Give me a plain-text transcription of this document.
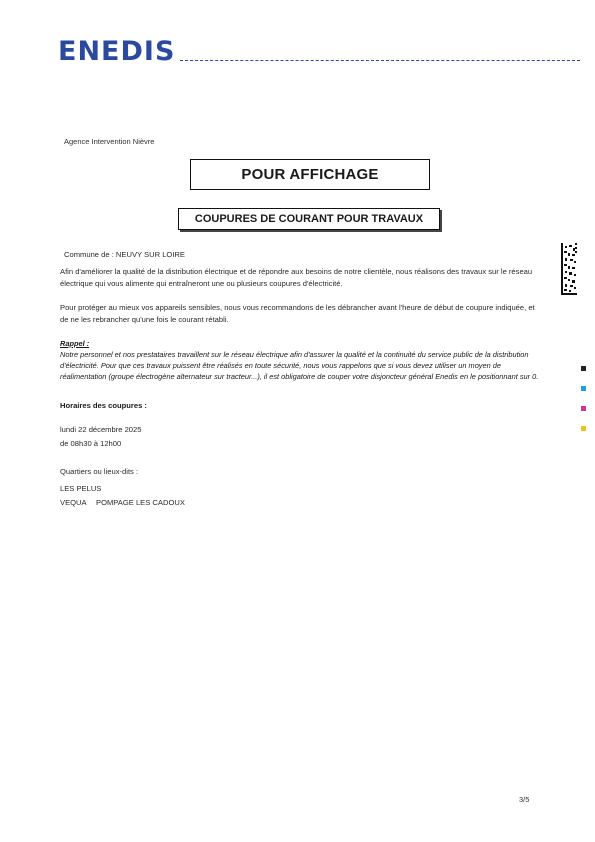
ENEDIS
Agence Intervention Nièvre
POUR AFFICHAGE
COUPURES DE COURANT POUR TRAVAUX
Commune de : NEUVY SUR LOIRE
Afin d'améliorer la qualité de la distribution électrique et de répondre aux besoins de notre clientèle, nous réalisons des travaux sur le réseau électrique qui vous alimente qui entraîneront une ou plusieurs coupures d'électricité.
Pour protéger au mieux vos appareils sensibles, nous vous recommandons de les débrancher avant l'heure de début de coupure indiquée, et de ne les rebrancher qu'une fois le courant rétabli.
Rappel :
Notre personnel et nos prestataires travaillent sur le réseau électrique afin d'assurer la qualité et la continuité du service public de la distribution d'électricité. Pour que ces travaux puissent être réalisés en toute sécurité, nous vous rappelons que si vous devez utiliser un moyen de réalimentation (groupe électrogène alternateur sur tracteur...), il est obligatoire de couper votre disjoncteur général Enedis en le positionnant sur 0.
Horaires des coupures :
lundi 22 décembre 2025
de 08h30 à 12h00
Quartiers ou lieux-dits :
LES PELUS
VEQUA POMPAGE LES CADOUX
3/5
